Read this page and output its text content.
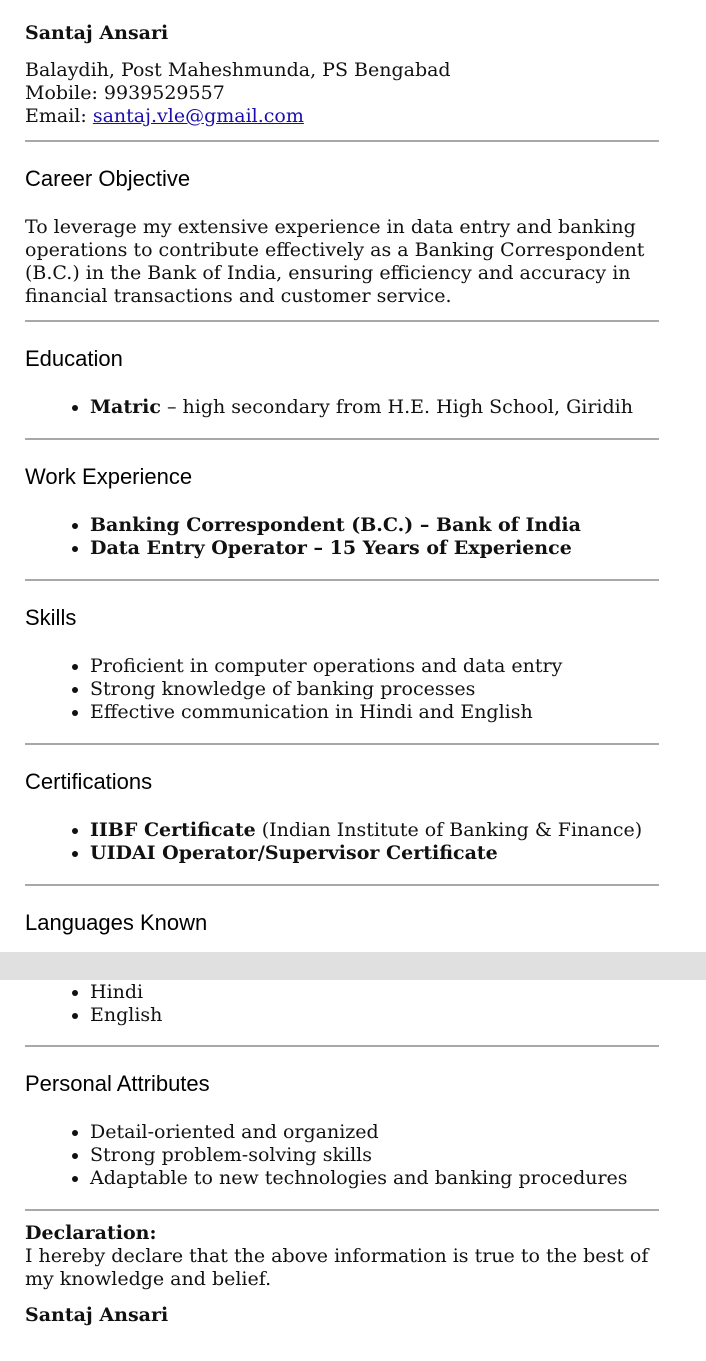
Santaj Ansari
Balaydih, Post Maheshmunda, PS Bengabad
Mobile: 9939529557
Email: santaj.vle@gmail.com
Career Objective

To leverage my extensive experience in data entry and banking operations to contribute effectively as a Banking Correspondent (B.C.) in the Bank of India, ensuring efficiency and accuracy in financial transactions and customer service.

Education
• Matric – high secondary from H.E. High School, Giridih
Work Experience
• Banking Correspondent (B.C.) – Bank of India
• Data Entry Operator – 15 Years of Experience
Skills
• Proficient in computer operations and data entry
• Strong knowledge of banking processes
• Effective communication in Hindi and English
Certifications
• IIBF Certificate (Indian Institute of Banking & Finance)
• UIDAI Operator/Supervisor Certificate
Languages Known
• Hindi
• English
Personal Attributes
• Detail-oriented and organized
• Strong problem-solving skills
• Adaptable to new technologies and banking procedures
Declaration:
I hereby declare that the above information is true to the best of my knowledge and belief.
Santaj Ansari
